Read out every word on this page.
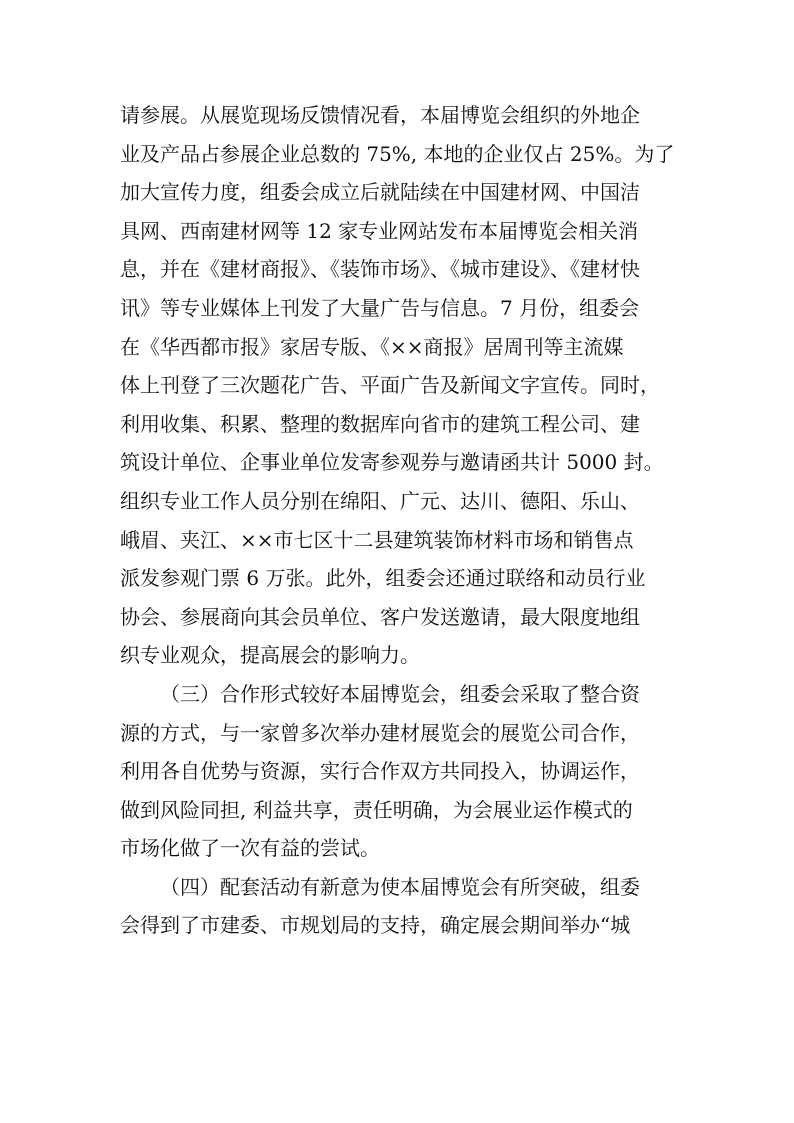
请参展。从展览现场反馈情况看，本届博览会组织的外地企
业及产品占参展企业总数的 75%, 本地的企业仅占 25%。为了
加大宣传力度，组委会成立后就陆续在中国建材网、中国洁
具网、西南建材网等 12 家专业网站发布本届博览会相关消
息，并在《建材商报》、《装饰市场》、《城市建设》、《建材快
讯》等专业媒体上刊发了大量广告与信息。7 月份，组委会
在《华西都市报》家居专版、《××商报》居周刊等主流媒
体上刊登了三次题花广告、平面广告及新闻文字宣传。同时，
利用收集、积累、整理的数据库向省市的建筑工程公司、建
筑设计单位、企事业单位发寄参观券与邀请函共计 5000 封。
组织专业工作人员分别在绵阳、广元、达川、德阳、乐山、
峨眉、夹江、××市七区十二县建筑装饰材料市场和销售点
派发参观门票 6 万张。此外，组委会还通过联络和动员行业
协会、参展商向其会员单位、客户发送邀请，最大限度地组
织专业观众，提高展会的影响力。
（三）合作形式较好本届博览会，组委会采取了整合资
源的方式，与一家曾多次举办建材展览会的展览公司合作，
利用各自优势与资源，实行合作双方共同投入，协调运作，
做到风险同担, 利益共享，责任明确，为会展业运作模式的
市场化做了一次有益的尝试。
（四）配套活动有新意为使本届博览会有所突破，组委
会得到了市建委、市规划局的支持，确定展会期间举办“城
